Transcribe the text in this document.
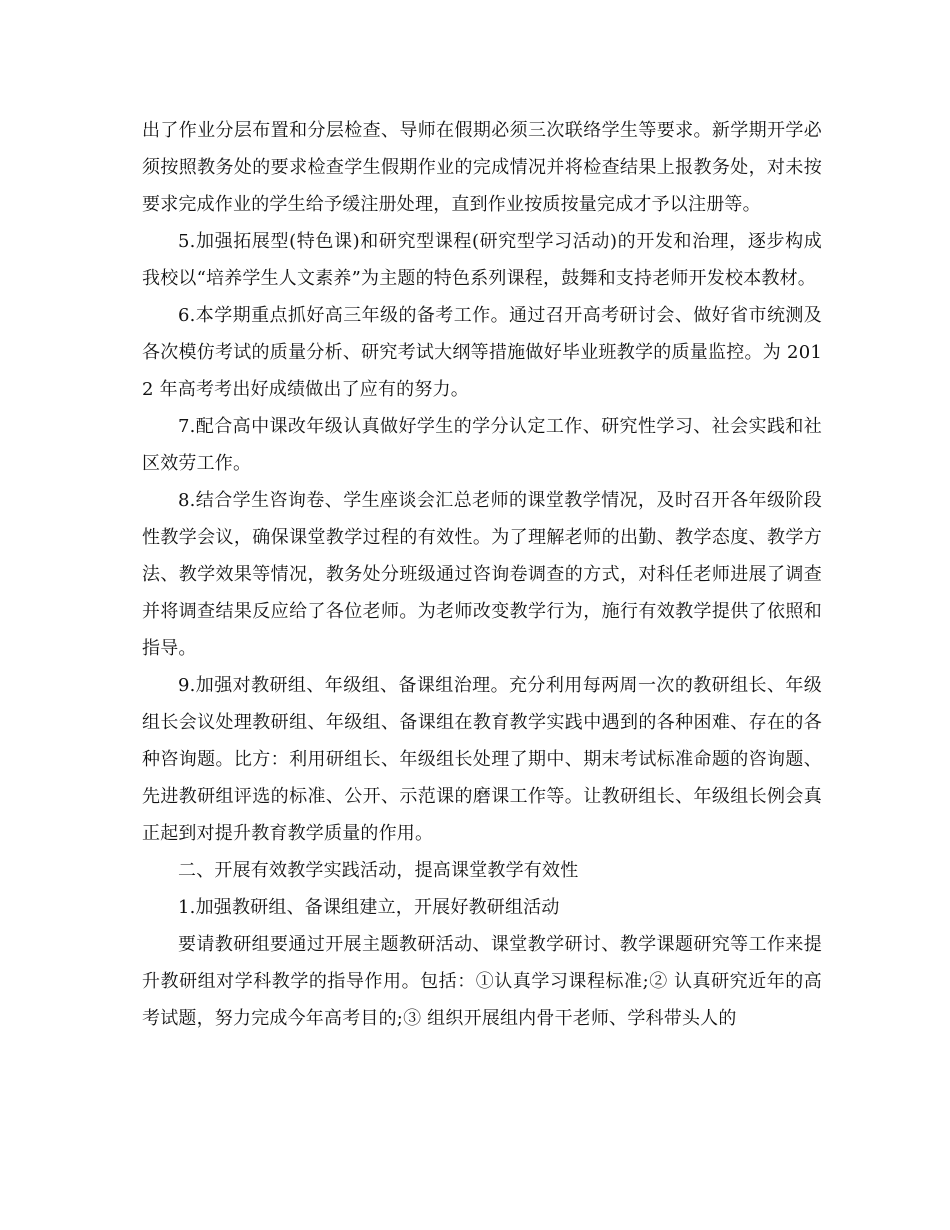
出了作业分层布置和分层检查、导师在假期必须三次联络学生等要求。新学期开学必须按照教务处的要求检查学生假期作业的完成情况并将检查结果上报教务处，对未按要求完成作业的学生给予缓注册处理，直到作业按质按量完成才予以注册等。

5.加强拓展型(特色课)和研究型课程(研究型学习活动)的开发和治理，逐步构成我校以“培养学生人文素养”为主题的特色系列课程，鼓舞和支持老师开发校本教材。

6.本学期重点抓好高三年级的备考工作。通过召开高考研讨会、做好省市统测及各次模仿考试的质量分析、研究考试大纲等措施做好毕业班教学的质量监控。为 2012 年高考考出好成绩做出了应有的努力。

7.配合高中课改年级认真做好学生的学分认定工作、研究性学习、社会实践和社区效劳工作。

8.结合学生咨询卷、学生座谈会汇总老师的课堂教学情况，及时召开各年级阶段性教学会议，确保课堂教学过程的有效性。为了理解老师的出勤、教学态度、教学方法、教学效果等情况，教务处分班级通过咨询卷调查的方式，对科任老师进展了调查并将调查结果反应给了各位老师。为老师改变教学行为，施行有效教学提供了依照和指导。

9.加强对教研组、年级组、备课组治理。充分利用每两周一次的教研组长、年级组长会议处理教研组、年级组、备课组在教育教学实践中遇到的各种困难、存在的各种咨询题。比方：利用研组长、年级组长处理了期中、期末考试标准命题的咨询题、先进教研组评选的标准、公开、示范课的磨课工作等。让教研组长、年级组长例会真正起到对提升教育教学质量的作用。

二、开展有效教学实践活动，提高课堂教学有效性

1.加强教研组、备课组建立，开展好教研组活动

要请教研组要通过开展主题教研活动、课堂教学研讨、教学课题研究等工作来提升教研组对学科教学的指导作用。包括：①认真学习课程标准;② 认真研究近年的高考试题，努力完成今年高考目的;③ 组织开展组内骨干老师、学科带头人的
